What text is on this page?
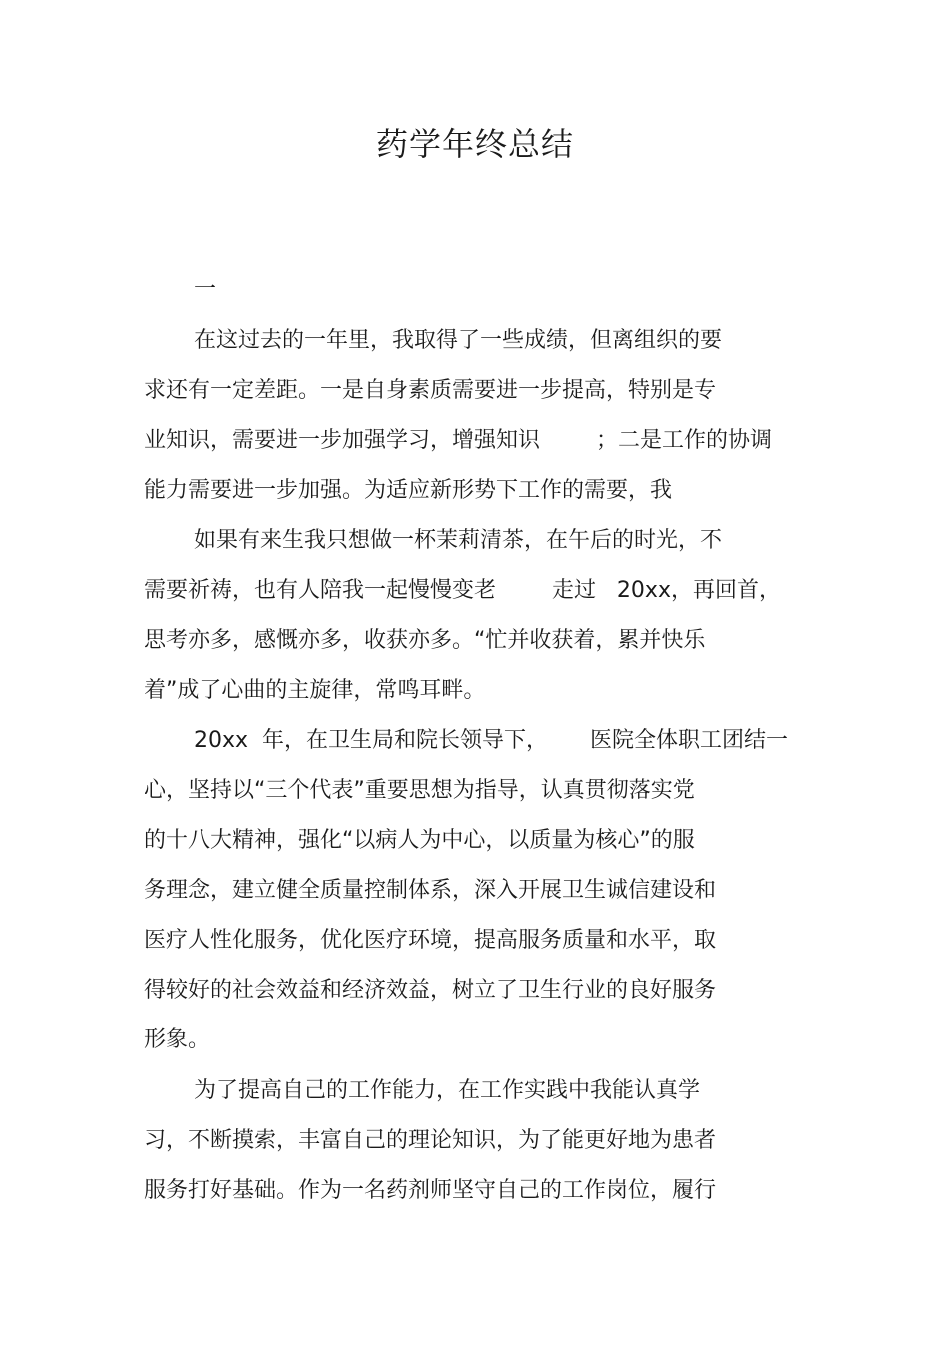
药学年终总结
一
在这过去的一年里，我取得了一些成绩，但离组织的要
求还有一定差距。一是自身素质需要进一步提高，特别是专
业知识，需要进一步加强学习，增强知识        ；二是工作的协调
能力需要进一步加强。为适应新形势下工作的需要，我
如果有来生我只想做一杯茉莉清茶，在午后的时光，不
需要祈祷，也有人陪我一起慢慢变老        走过   20xx，再回首，
思考亦多，感慨亦多，收获亦多。“忙并收获着，累并快乐
着”成了心曲的主旋律，常鸣耳畔。
20xx  年，在卫生局和院长领导下，      医院全体职工团结一
心，坚持以“三个代表”重要思想为指导，认真贯彻落实党
的十八大精神，强化“以病人为中心，以质量为核心”的服
务理念，建立健全质量控制体系，深入开展卫生诚信建设和
医疗人性化服务，优化医疗环境，提高服务质量和水平，取
得较好的社会效益和经济效益，树立了卫生行业的良好服务
形象。
为了提高自己的工作能力，在工作实践中我能认真学
习，不断摸索，丰富自己的理论知识，为了能更好地为患者
服务打好基础。作为一名药剂师坚守自己的工作岗位，履行
